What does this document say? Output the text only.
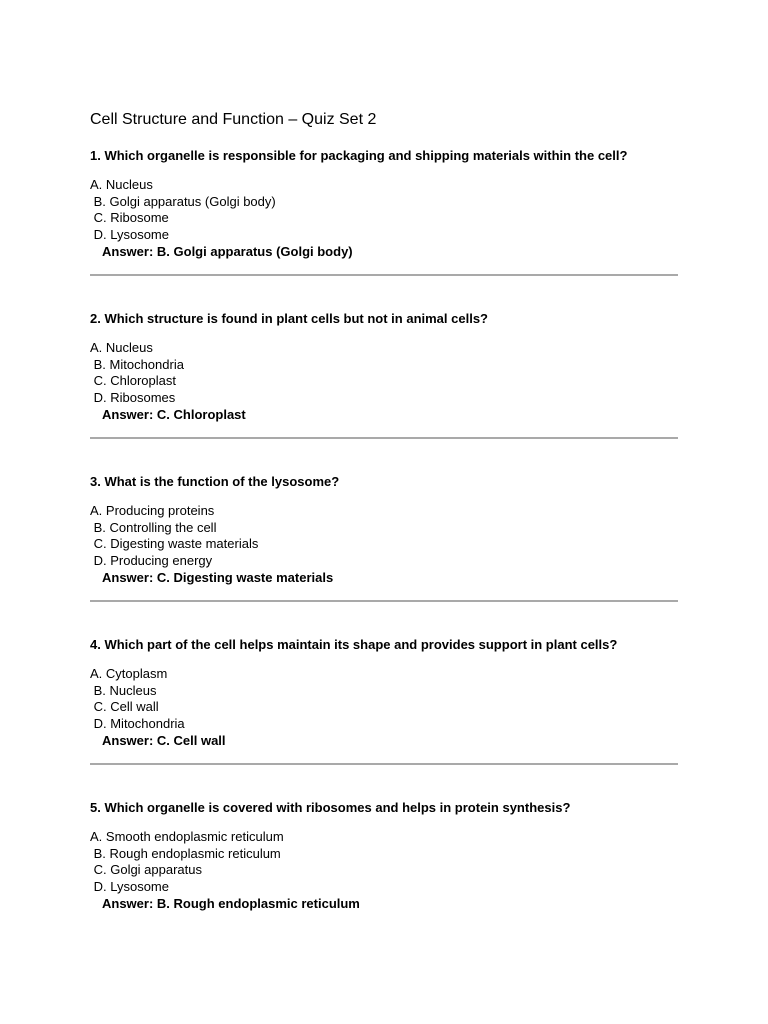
Cell Structure and Function – Quiz Set 2
1. Which organelle is responsible for packaging and shipping materials within the cell?
A. Nucleus
B. Golgi apparatus (Golgi body)
C. Ribosome
D. Lysosome
Answer: B. Golgi apparatus (Golgi body)
2. Which structure is found in plant cells but not in animal cells?
A. Nucleus
B. Mitochondria
C. Chloroplast
D. Ribosomes
Answer: C. Chloroplast
3. What is the function of the lysosome?
A. Producing proteins
B. Controlling the cell
C. Digesting waste materials
D. Producing energy
Answer: C. Digesting waste materials
4. Which part of the cell helps maintain its shape and provides support in plant cells?
A. Cytoplasm
B. Nucleus
C. Cell wall
D. Mitochondria
Answer: C. Cell wall
5. Which organelle is covered with ribosomes and helps in protein synthesis?
A. Smooth endoplasmic reticulum
B. Rough endoplasmic reticulum
C. Golgi apparatus
D. Lysosome
Answer: B. Rough endoplasmic reticulum
